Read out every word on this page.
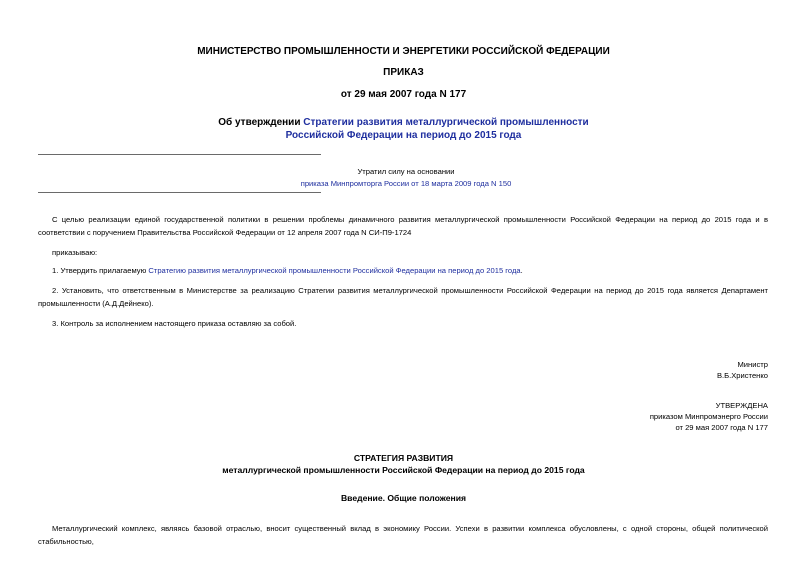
МИНИСТЕРСТВО ПРОМЫШЛЕННОСТИ И ЭНЕРГЕТИКИ РОССИЙСКОЙ ФЕДЕРАЦИИ
ПРИКАЗ
от 29 мая 2007 года N 177
Об утверждении Стратегии развития металлургической промышленности
Российской Федерации на период до 2015 года
Утратил силу на основании
приказа Минпромторга России от 18 марта 2009 года N 150

С целью реализации единой государственной политики в решении проблемы динамичного развития металлургической промышленности Российской Федерации на период до 2015 года и в соответствии с поручением Правительства Российской Федерации от 12 апреля 2007 года N СИ-П9-1724

приказываю:
1. Утвердить прилагаемую Стратегию развития металлургической промышленности Российской Федерации на период до 2015 года.

2. Установить, что ответственным в Министерстве за реализацию Стратегии развития металлургической промышленности Российской Федерации на период до 2015 года является Департамент промышленности (А.Д.Дейнеко).

3. Контроль за исполнением настоящего приказа оставляю за собой.
Министр
В.Б.Христенко
УТВЕРЖДЕНА
приказом Минпромэнерго России
от 29 мая 2007 года N 177
СТРАТЕГИЯ РАЗВИТИЯ
металлургической промышленности Российской Федерации на период до 2015 года
Введение. Общие положения

Металлургический комплекс, являясь базовой отраслью, вносит существенный вклад в экономику России. Успехи в развитии комплекса обусловлены, с одной стороны, общей политической стабильностью,
